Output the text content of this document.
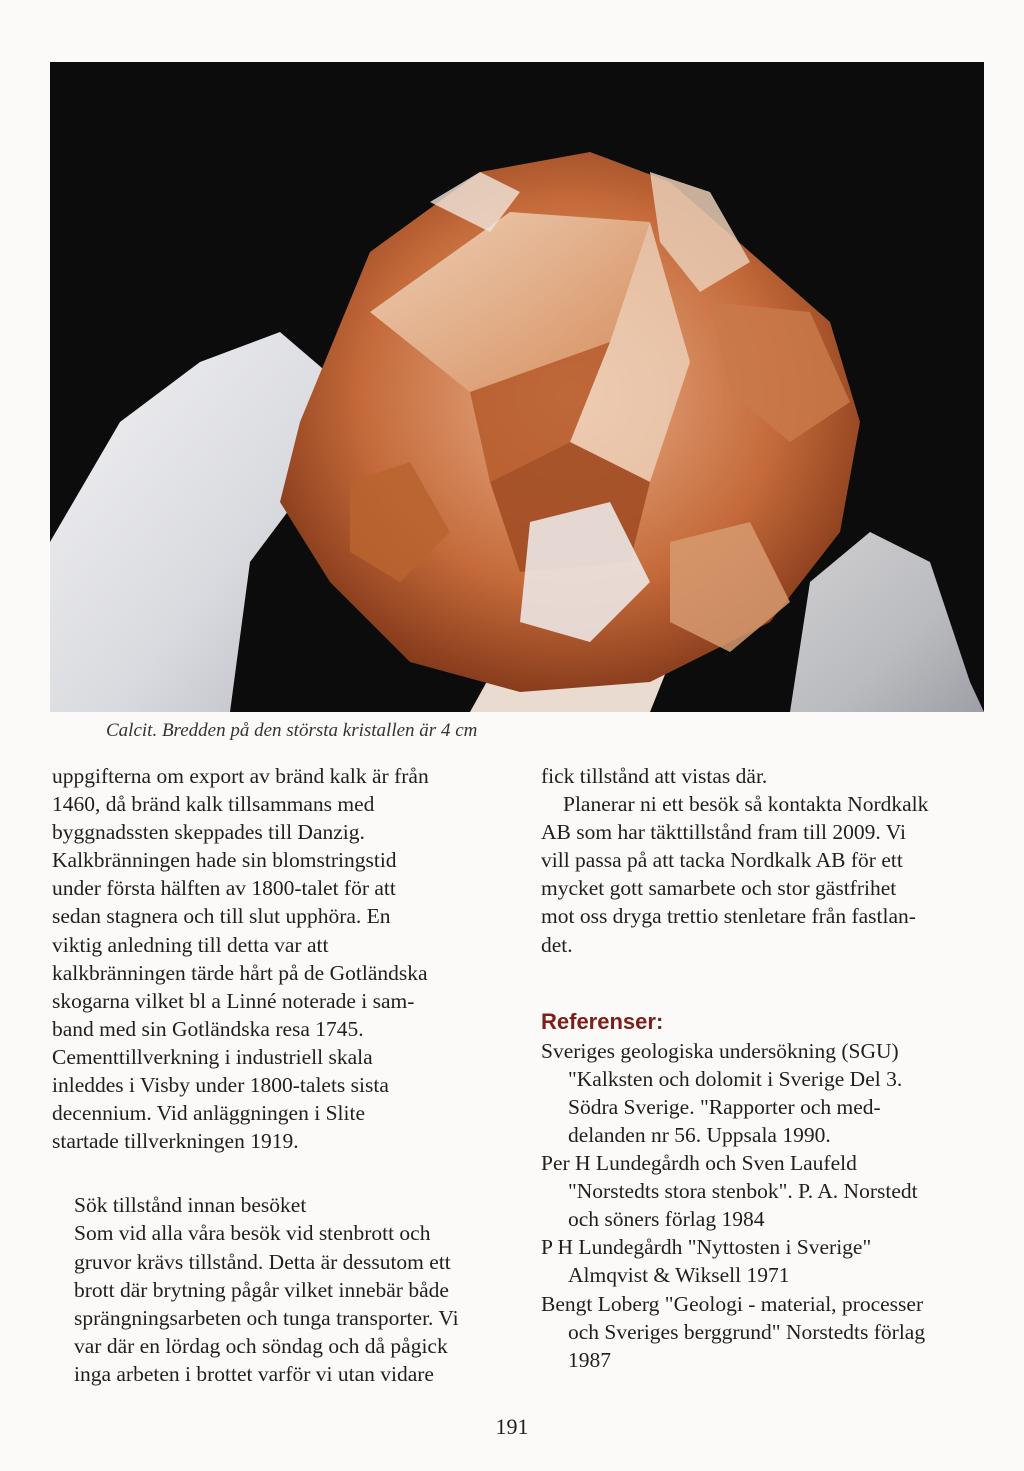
Calcit. Bredden på den största kristallen är 4 cm
uppgifterna om export av bränd kalk är från
1460, då bränd kalk tillsammans med
byggnadssten skeppades till Danzig.
Kalkbränningen hade sin blomstringstid
under första hälften av 1800-talet för att
sedan stagnera och till slut upphöra. En
viktig anledning till detta var att
kalkbränningen tärde hårt på de Gotländska
skogarna vilket bl a Linné noterade i sam-
band med sin Gotländska resa 1745.
Cementtillverkning i industriell skala
inleddes i Visby under 1800-talets sista
decennium. Vid anläggningen i Slite
startade tillverkningen 1919.
Sök tillstånd innan besöket
Som vid alla våra besök vid stenbrott och
gruvor krävs tillstånd. Detta är dessutom ett
brott där brytning pågår vilket innebär både
sprängningsarbeten och tunga transporter. Vi
var där en lördag och söndag och då pågick
inga arbeten i brottet varför vi utan vidare
fick tillstånd att vistas där.
Planerar ni ett besök så kontakta Nordkalk
AB som har täkttillstånd fram till 2009. Vi
vill passa på att tacka Nordkalk AB för ett
mycket gott samarbete och stor gästfrihet
mot oss dryga trettio stenletare från fastlan-
det.
Referenser:
Sveriges geologiska undersökning (SGU)
"Kalksten och dolomit i Sverige Del 3.
Södra Sverige. "Rapporter och med-
delanden nr 56. Uppsala 1990.
Per H Lundegårdh och Sven Laufeld
"Norstedts stora stenbok". P. A. Norstedt
och söners förlag 1984
P H Lundegårdh "Nyttosten i Sverige"
Almqvist & Wiksell 1971
Bengt Loberg "Geologi - material, processer
och Sveriges berggrund" Norstedts förlag
1987
191
